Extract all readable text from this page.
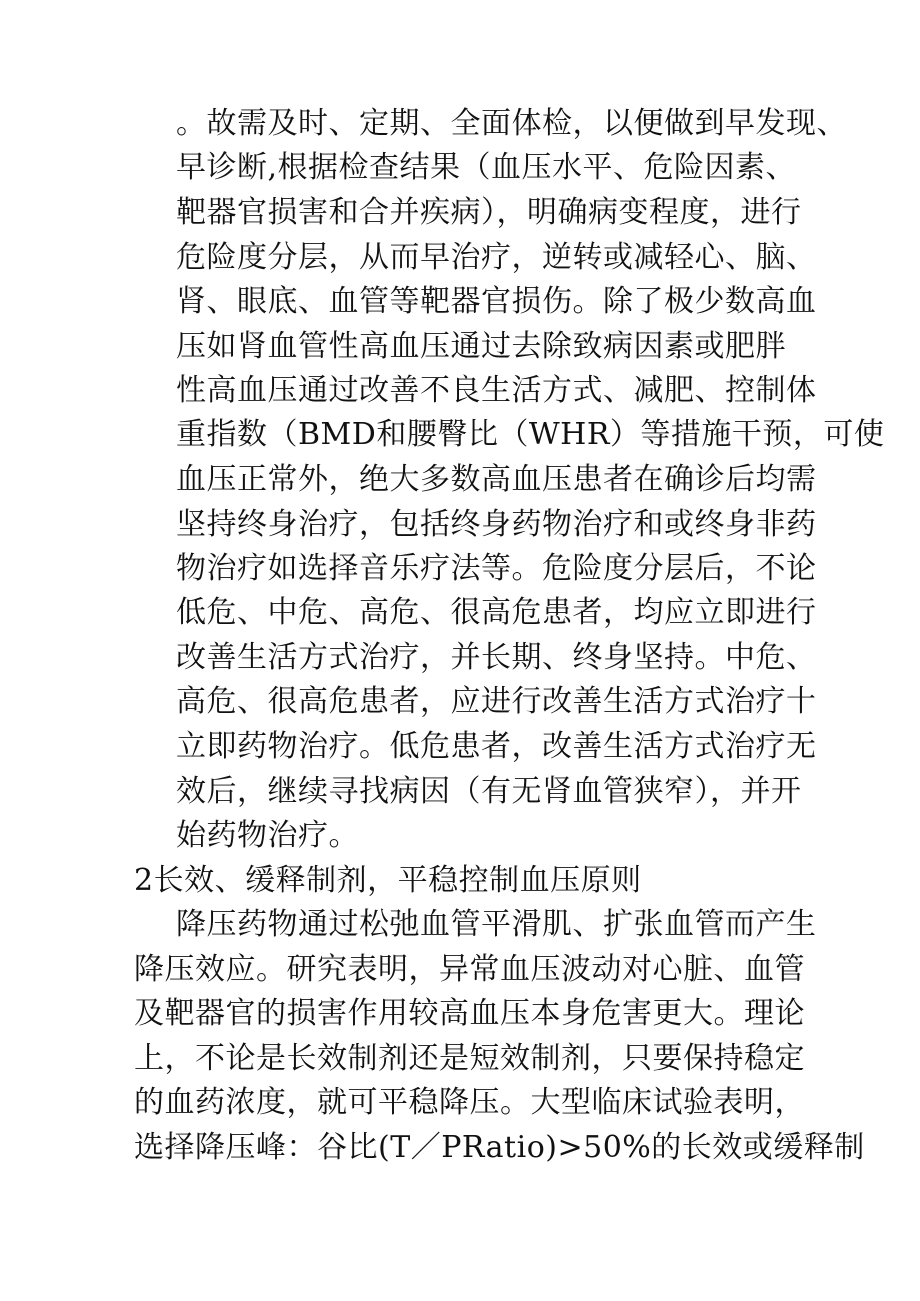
。故需及时、定期、全面体检，以便做到早发现、
早诊断,根据检查结果（血压水平、危险因素、
靶器官损害和合并疾病），明确病变程度，进行
危险度分层，从而早治疗，逆转或减轻心、脑、
肾、眼底、血管等靶器官损伤。除了极少数高血
压如肾血管性高血压通过去除致病因素或肥胖
性高血压通过改善不良生活方式、减肥、控制体
重指数（BMD和腰臀比（WHR）等措施干预，可使
血压正常外，绝大多数高血压患者在确诊后均需
坚持终身治疗，包括终身药物治疗和或终身非药
物治疗如选择音乐疗法等。危险度分层后，不论
低危、中危、高危、很高危患者，均应立即进行
改善生活方式治疗，并长期、终身坚持。中危、
高危、很高危患者，应进行改善生活方式治疗十
立即药物治疗。低危患者，改善生活方式治疗无
效后，继续寻找病因（有无肾血管狭窄），并开
始药物治疗。
2长效、缓释制剂，平稳控制血压原则
降压药物通过松弛血管平滑肌、扩张血管而产生
降压效应。研究表明，异常血压波动对心脏、血管
及靶器官的损害作用较高血压本身危害更大。理论
上，不论是长效制剂还是短效制剂，只要保持稳定
的血药浓度，就可平稳降压。大型临床试验表明，
选择降压峰：谷比(T／PRatio)>50%的长效或缓释制
